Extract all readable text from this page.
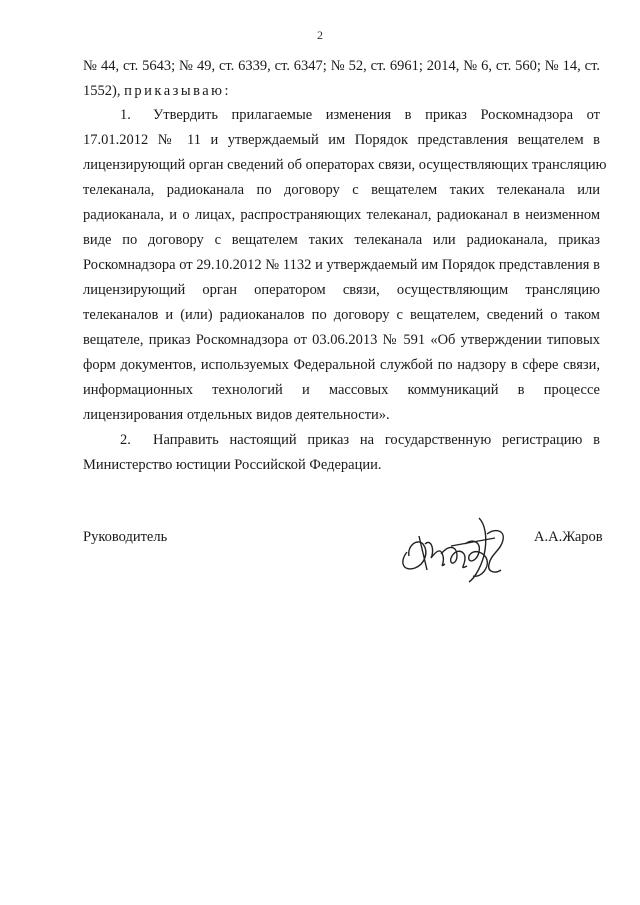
2
№ 44, ст. 5643; № 49, ст. 6339, ст. 6347; № 52, ст. 6961; 2014, № 6, ст. 560; № 14, ст.
1552), приказываю:
1. Утвердить прилагаемые изменения в приказ Роскомнадзора от
17.01.2012 № 11 и утверждаемый им Порядок представления вещателем в
лицензирующий орган сведений об операторах связи, осуществляющих трансляцию
телеканала, радиоканала по договору с вещателем таких телеканала или
радиоканала, и о лицах, распространяющих телеканал, радиоканал в неизменном
виде по договору с вещателем таких телеканала или радиоканала, приказ
Роскомнадзора от 29.10.2012 № 1132 и утверждаемый им Порядок представления в
лицензирующий орган оператором связи, осуществляющим трансляцию
телеканалов и (или) радиоканалов по договору с вещателем, сведений о таком
вещателе, приказ Роскомнадзора от 03.06.2013 № 591 «Об утверждении типовых
форм документов, используемых Федеральной службой по надзору в сфере связи,
информационных технологий и массовых коммуникаций в процессе
лицензирования отдельных видов деятельности».
2. Направить настоящий приказ на государственную регистрацию в
Министерство юстиции Российской Федерации.
Руководитель	А.А.Жаров
